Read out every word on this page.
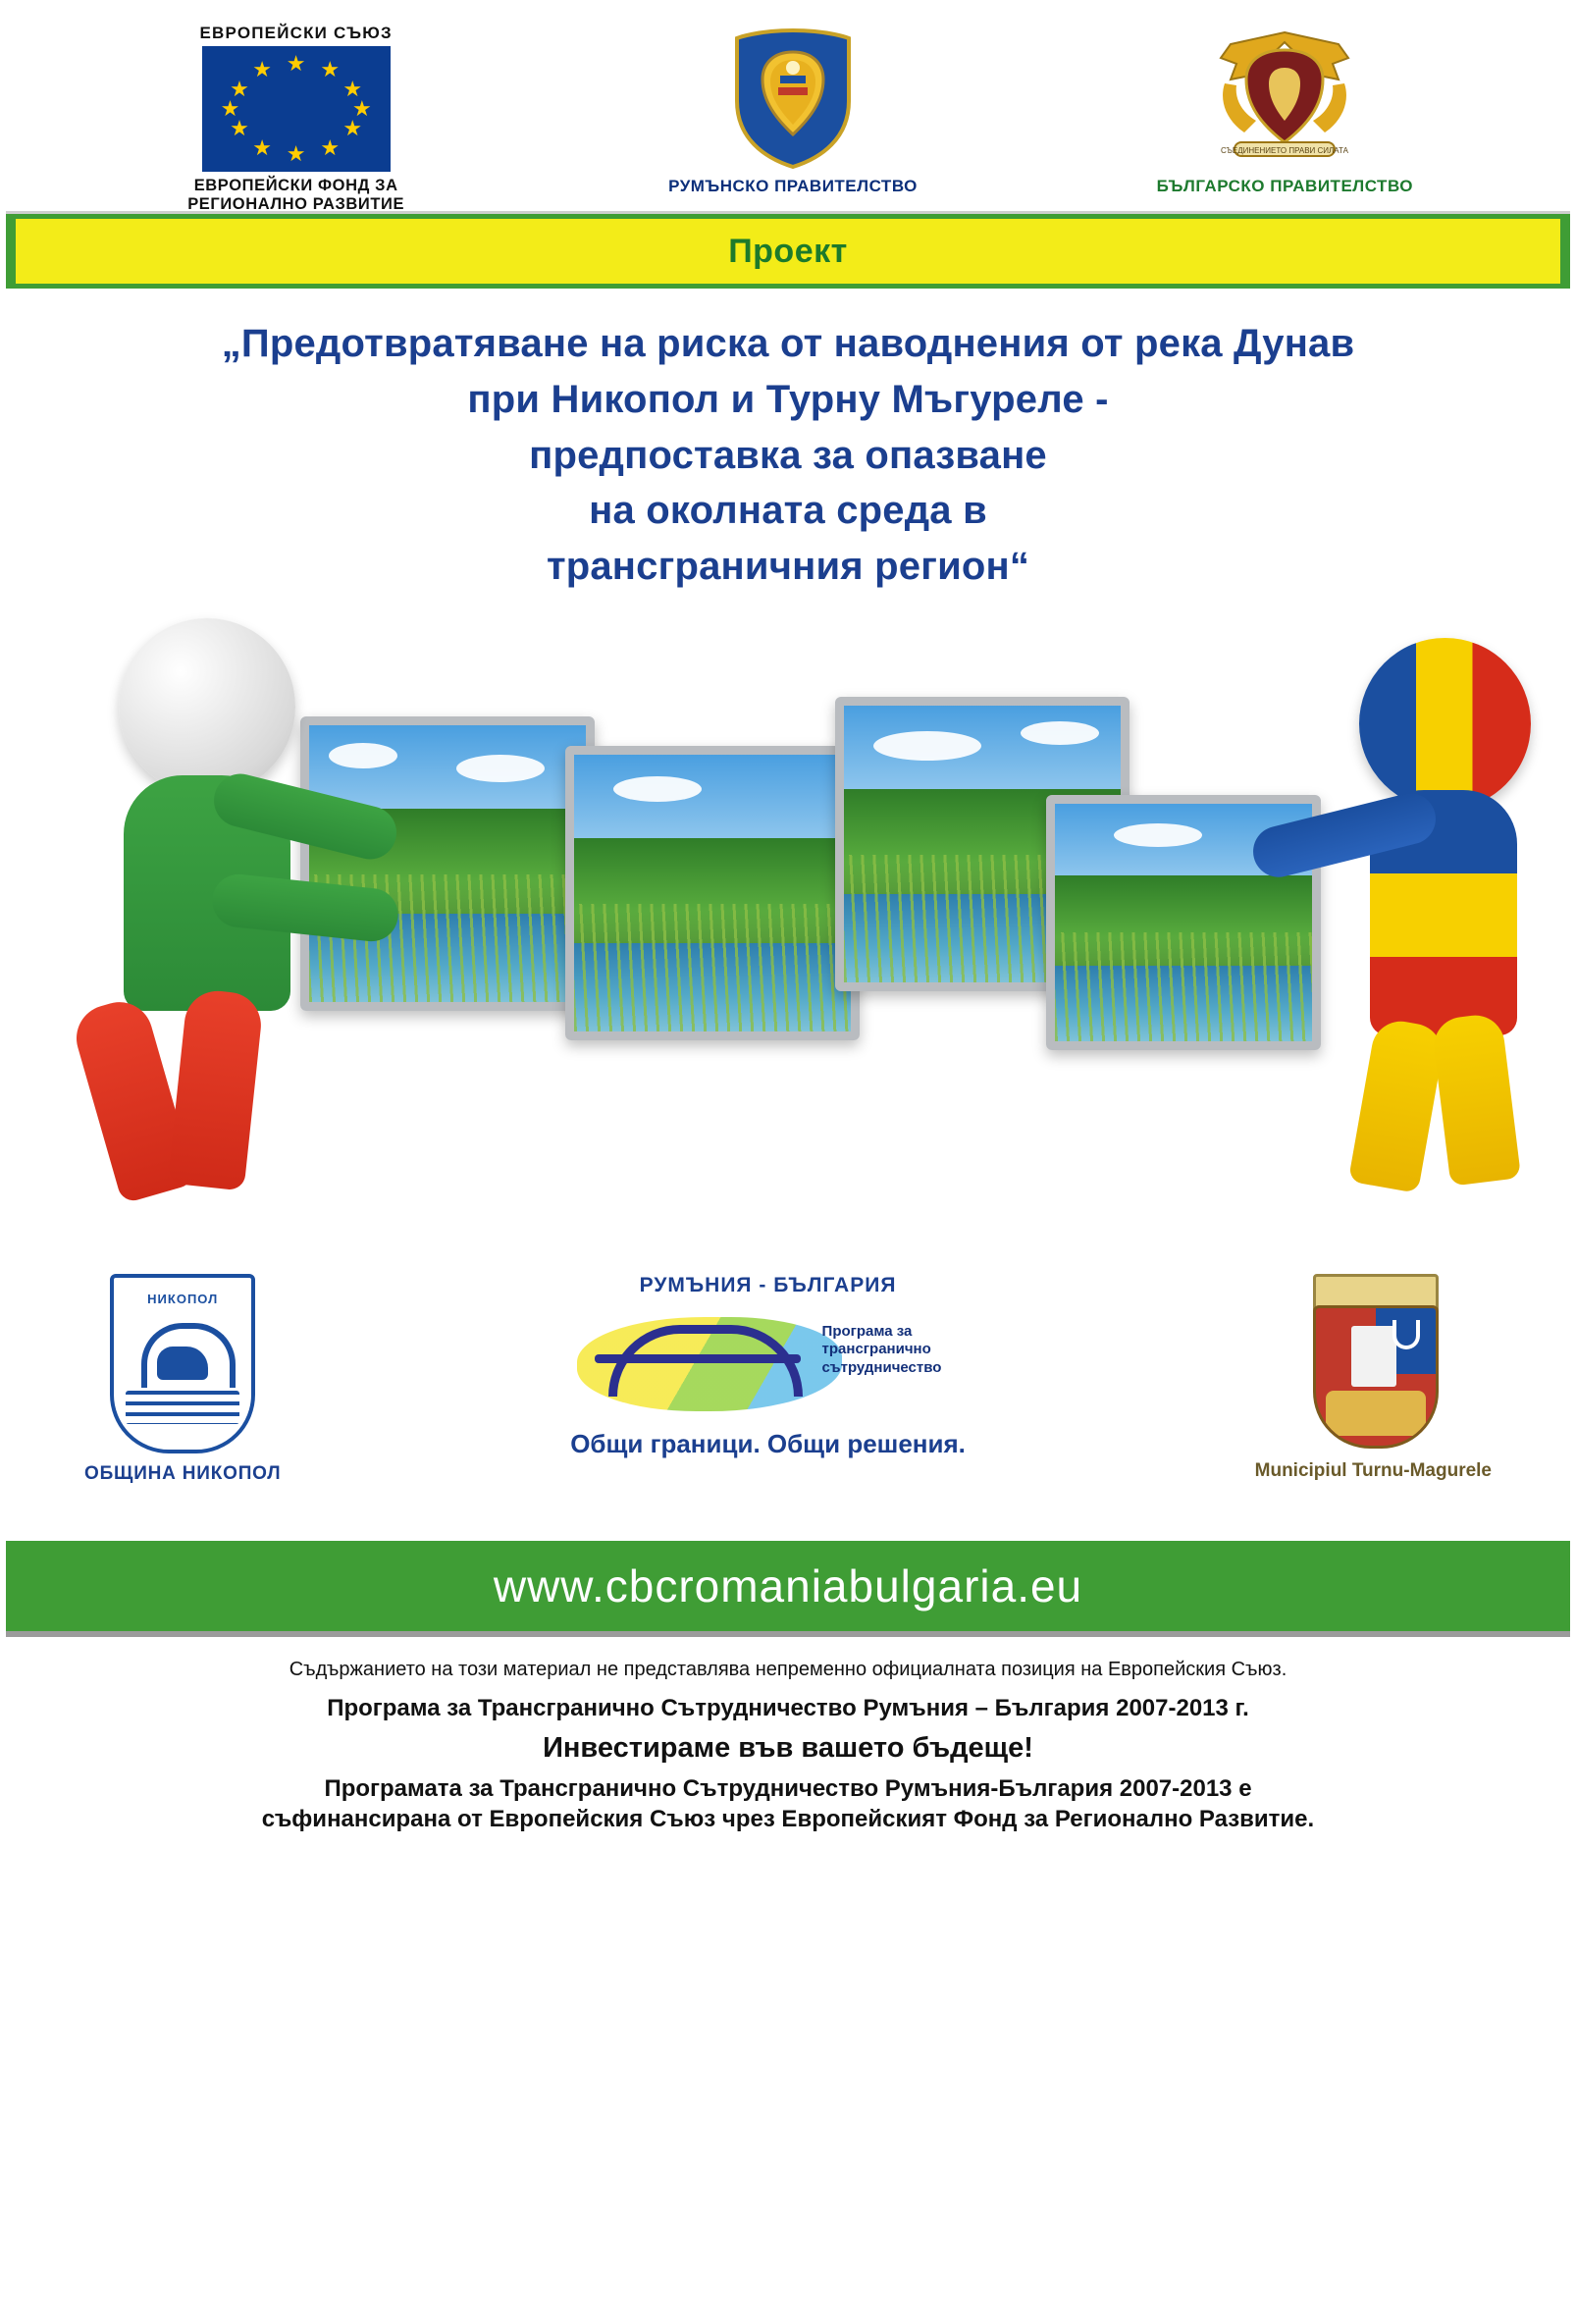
ЕВРОПЕЙСКИ СЪЮЗ
★ ★
★
★
★
★
★
★
★
★
★
★
ЕВРОПЕЙСКИ ФОНД ЗА
РЕГИОНАЛНО РАЗВИТИЕ
РУМЪНСКО ПРАВИТЕЛСТВО
СЪЕДИНЕНИЕТО ПРАВИ СИЛАТА
БЪЛГАРСКО ПРАВИТЕЛСТВО
Проект
„Предотвратяване на риска от наводнения от река Дунав
при Никопол и Турну Мъгуреле -
предпоставка за опазване
на околната среда в
трансграничния регион“
НИКОПОЛ
ОБЩИНА НИКОПОЛ
РУМЪНИЯ - БЪЛГАРИЯ
Програма за
трансгранично
сътрудничество
Общи граници. Общи решения.
Municipiul Turnu-Magurele
www.cbcromaniabulgaria.eu
Съдържанието на този материал не представлява непременно официалната позиция на Европейския Съюз.
Програма за Трансгранично Сътрудничество Румъния – България 2007-2013 г.
Инвестираме във вашето бъдеще!
Програмата за Трансгранично Сътрудничество Румъния-България 2007-2013 е
съфинансирана от Европейския Съюз чрез Европейският Фонд за Регионално Развитие.
